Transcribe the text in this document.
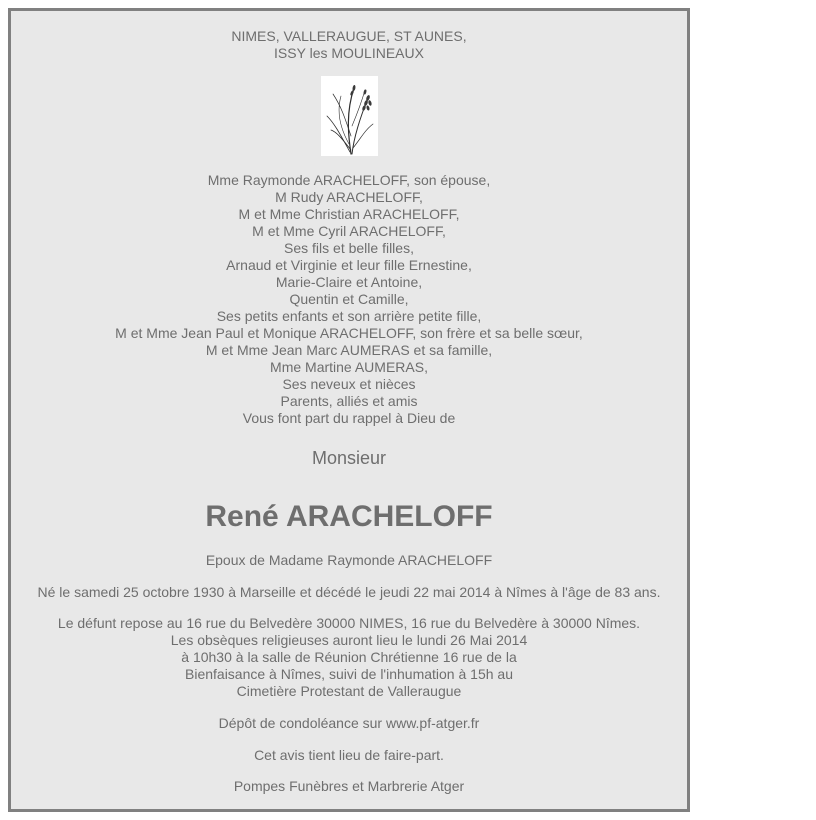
NIMES, VALLERAUGUE, ST AUNES,
ISSY les MOULINEAUX
Mme Raymonde ARACHELOFF, son épouse,
M Rudy ARACHELOFF,
M et Mme Christian ARACHELOFF,
M et Mme Cyril ARACHELOFF,
Ses fils et belle filles,
Arnaud et Virginie et leur fille Ernestine,
Marie-Claire et Antoine,
Quentin et Camille,
Ses petits enfants et son arrière petite fille,
M et Mme Jean Paul et Monique ARACHELOFF, son frère et sa belle sœur,
M et Mme Jean Marc AUMERAS et sa famille,
Mme Martine AUMERAS,
Ses neveux et nièces
Parents, alliés et amis
Vous font part du rappel à Dieu de
Monsieur
René ARACHELOFF
Epoux de Madame Raymonde ARACHELOFF
Né le samedi 25 octobre 1930 à Marseille et décédé le jeudi 22 mai 2014 à Nîmes à l'âge de 83 ans.
Le défunt repose au 16 rue du Belvedère 30000 NIMES, 16 rue du Belvedère à 30000 Nîmes.
Les obsèques religieuses auront lieu le lundi 26 Mai 2014
à 10h30 à la salle de Réunion Chrétienne 16 rue de la
Bienfaisance à Nîmes, suivi de l'inhumation à 15h au
Cimetière Protestant de Valleraugue
Dépôt de condoléance sur www.pf-atger.fr
Cet avis tient lieu de faire-part.
Pompes Funèbres et Marbrerie Atger
